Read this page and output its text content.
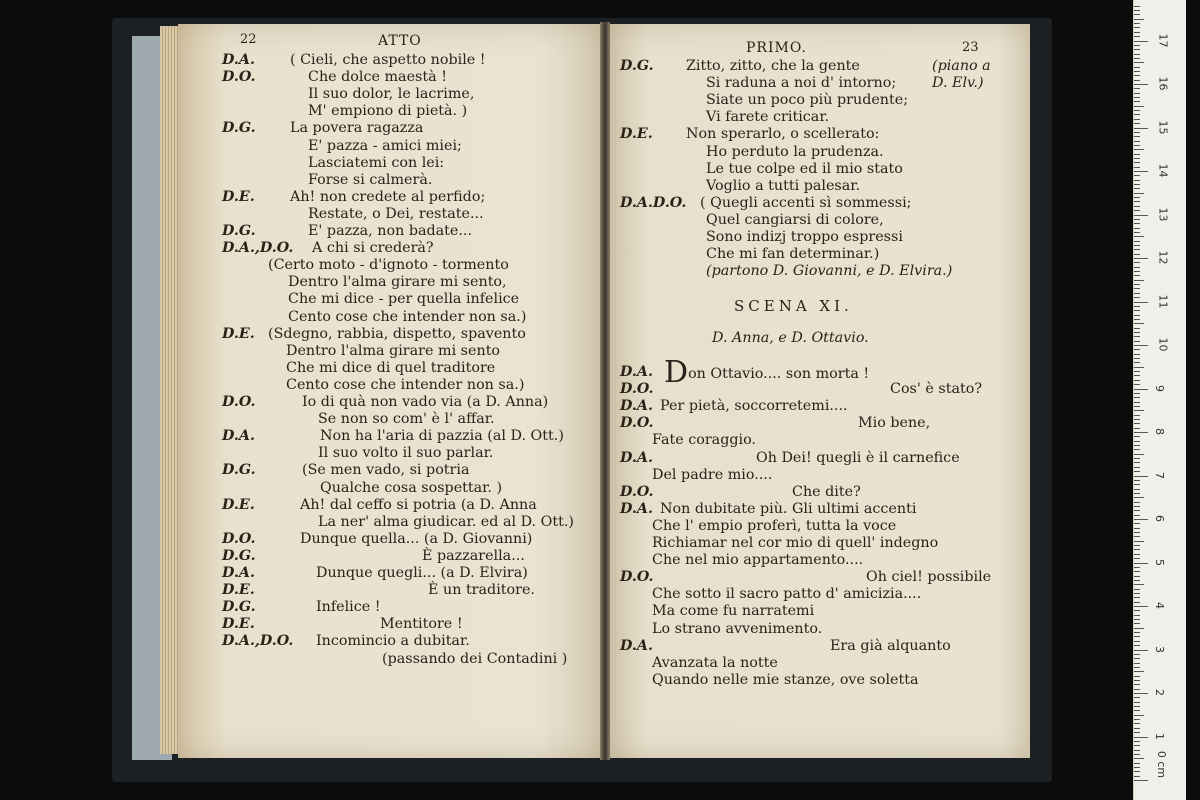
22	ATTO
D.A. ( Cieli, che aspetto nobile !
D.O.	Che dolce maestà !
Il suo dolor, le lacrime,
M' empiono di pietà. )
D.G. La povera ragazza
E' pazza - amici miei;
Lasciatemi con lei:
Forse si calmerà.
D.E. Ah! non credete al perfido;
Restate, o Dei, restate...
D.G.	E' pazza, non badate...
D.A.,D.O. A chi si crederà?
(Certo moto - d'ignoto - tormento
Dentro l'alma girare mi sento,
Che mi dice - per quella infelice
Cento cose che intender non sa.)
D.E. (Sdegno, rabbia, dispetto, spavento
Dentro l'alma girare mi sento
Che mi dice di quel traditore
Cento cose che intender non sa.)
D.O.	Io di quà non vado via (a D. Anna)
Se non so com' è l' affar.
D.A.	Non ha l'aria di pazzia (al D. Ott.)
Il suo volto il suo parlar.
D.G.	(Se men vado, si potria
Qualche cosa sospettar. )
D.E.	Ah! dal ceffo si potria (a D. Anna
La ner' alma giudicar. ed al D. Ott.)
D.O.	Dunque quella... (a D. Giovanni)
D.G.	È pazzarella...
D.A.	Dunque quegli... (a D. Elvira)
D.E.	È un traditore.
D.G.	Infelice !
D.E.	Mentitore !
D.A.,D.O. Incomincio a dubitar.
(passando dei Contadini )
PRIMO.	23
D.G. Zitto, zitto, che la gente	(piano a
Si raduna a noi d' intorno;	D. Elv.)
Siate un poco più prudente;
Vi farete criticar.
D.E. Non sperarlo, o scellerato:
Ho perduto la prudenza.
Le tue colpe ed il mio stato
Voglio a tutti palesar.
D.A.D.O. ( Quegli accenti sì sommessi;
Quel cangiarsi di colore,
Sono indizj troppo espressi
Che mi fan determinar.)
(partono D. Giovanni, e D. Elvira.)
SCENA XI.
D. Anna, e D. Ottavio.
D.A. Don Ottavio.... son morta !
D.O.	Cos' è stato?
D.A. Per pietà, soccorretemi....
D.O.	Mio bene,
Fate coraggio.
D.A.	Oh Dei! quegli è il carnefice
Del padre mio....
D.O.	Che dite?
D.A. Non dubitate più. Gli ultimi accenti
Che l' empio proferì, tutta la voce
Richiamar nel cor mio di quell' indegno
Che nel mio appartamento....
D.O.	Oh ciel! possibile
Che sotto il sacro patto d' amicizia....
Ma come fu narratemi
Lo strano avvenimento.
D.A.	Era già alquanto
Avanzata la notte
Quando nelle mie stanze, ove soletta
0 cm
1
2
3
4
5
6
7
8
9
10
11
12
13
14
15
16
17
